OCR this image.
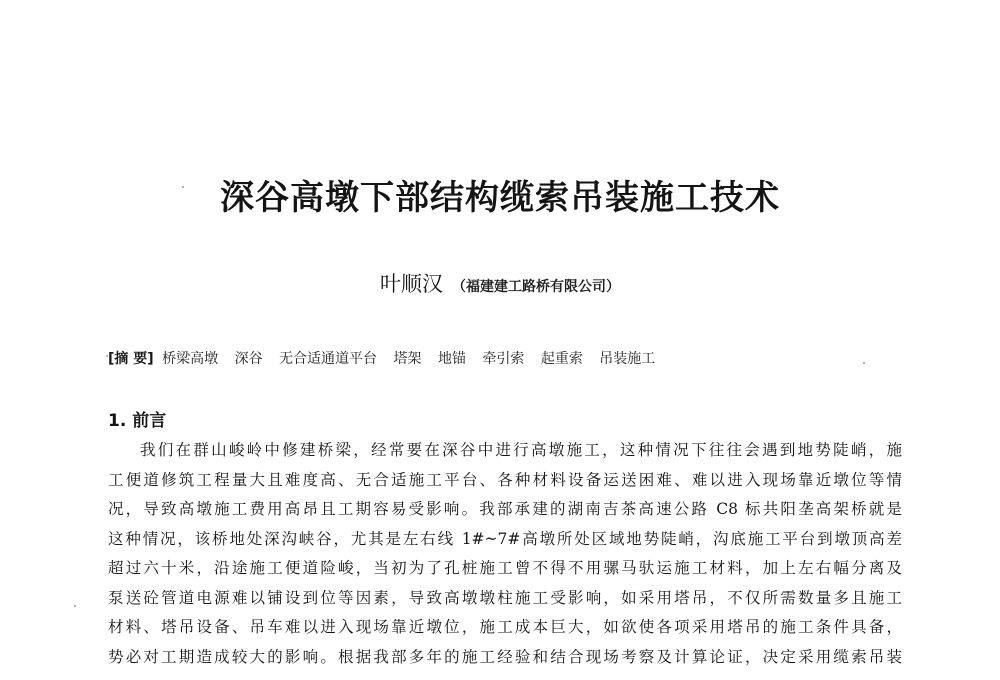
深谷高墩下部结构缆索吊装施工技术
叶顺汉 （福建建工路桥有限公司）
[摘 要] 桥梁高墩 深谷 无合适通道平台 塔架 地锚 牵引索 起重索 吊装施工
1. 前言
我们在群山峻岭中修建桥梁，经常要在深谷中进行高墩施工，这种情况下往往会遇到地势陡峭，施
工便道修筑工程量大且难度高、无合适施工平台、各种材料设备运送困难、难以进入现场靠近墩位等情
况，导致高墩施工费用高昂且工期容易受影响。我部承建的湖南吉茶高速公路 C8 标共阳垄高架桥就是
这种情况，该桥地处深沟峡谷，尤其是左右线 1#~7#高墩所处区域地势陡峭，沟底施工平台到墩顶高差
超过六十米，沿途施工便道险峻，当初为了孔桩施工曾不得不用骡马驮运施工材料，加上左右幅分离及
泵送砼管道电源难以铺设到位等因素，导致高墩墩柱施工受影响，如采用塔吊，不仅所需数量多且施工
材料、塔吊设备、吊车难以进入现场靠近墩位，施工成本巨大，如欲使各项采用塔吊的施工条件具备，
势必对工期造成较大的影响。根据我部多年的施工经验和结合现场考察及计算论证，决定采用缆索吊装
